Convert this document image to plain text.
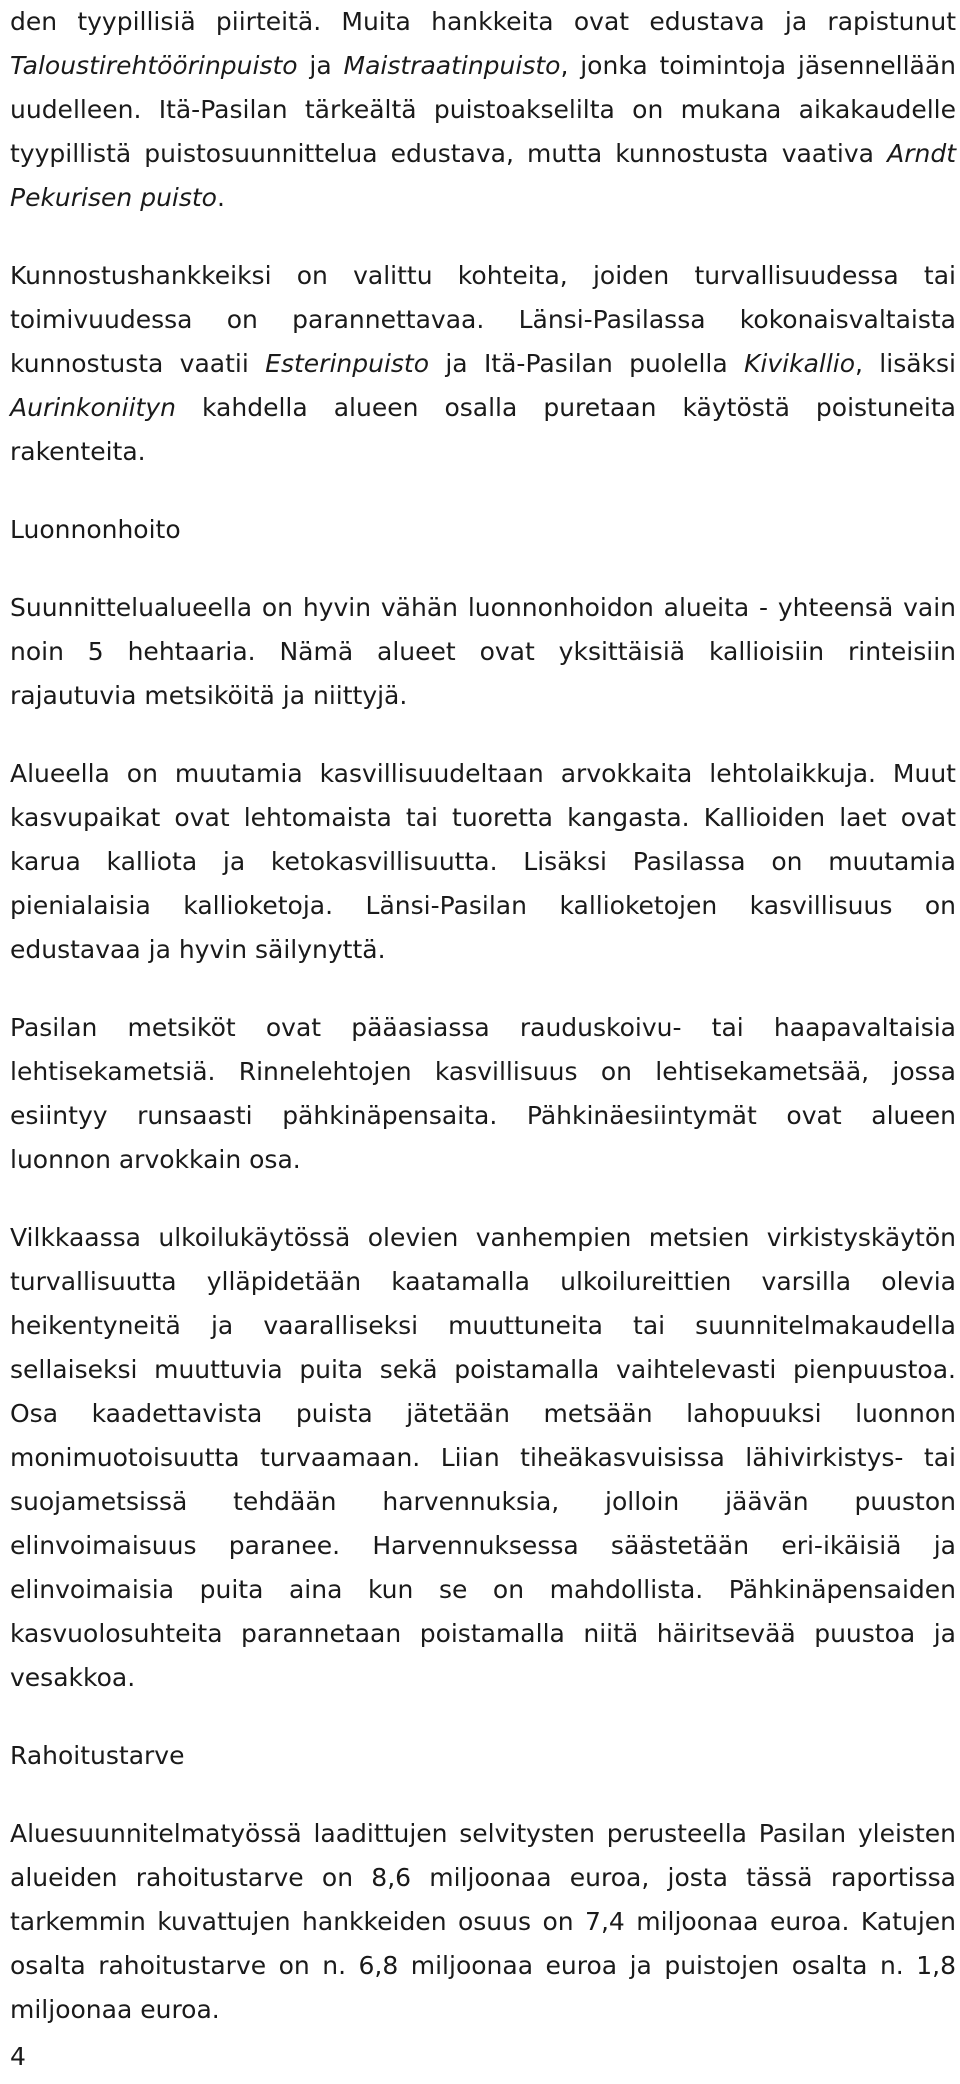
den tyypillisiä piirteitä. Muita hankkeita ovat edustava ja rapistunut Taloustirehtöörinpuisto ja Maistraatinpuisto, jonka toimintoja jäsennellään uudelleen. Itä-Pasilan tärkeältä puistoakselilta on mukana aikakaudelle tyypillistä puistosuunnittelua edustava, mutta kunnostusta vaativa Arndt Pekurisen puisto.

Kunnostushankkeiksi on valittu kohteita, joiden turvallisuudessa tai toimivuudessa on parannettavaa. Länsi-Pasilassa kokonaisvaltaista kunnostusta vaatii Esterinpuisto ja Itä-Pasilan puolella Kivikallio, lisäksi Aurinkoniityn kahdella alueen osalla puretaan käytöstä poistuneita rakenteita.

Luonnonhoito

Suunnittelualueella on hyvin vähän luonnonhoidon alueita - yhteensä vain noin 5 hehtaaria. Nämä alueet ovat yksittäisiä kallioisiin rinteisiin rajautuvia metsiköitä ja niittyjä.

Alueella on muutamia kasvillisuudeltaan arvokkaita lehtolaikkuja. Muut kasvupaikat ovat lehtomaista tai tuoretta kangasta. Kallioiden laet ovat karua kalliota ja ketokasvillisuutta. Lisäksi Pasilassa on muutamia pienialaisia kallioketoja. Länsi-Pasilan kallioketojen kasvillisuus on edustavaa ja hyvin säilynyttä.

Pasilan metsiköt ovat pääasiassa rauduskoivu- tai haapavaltaisia lehtisekametsiä. Rinnelehtojen kasvillisuus on lehtisekametsää, jossa esiintyy runsaasti pähkinäpensaita. Pähkinäesiintymät ovat alueen luonnon arvokkain osa.

Vilkkaassa ulkoilukäytössä olevien vanhempien metsien virkistyskäytön turvallisuutta ylläpidetään kaatamalla ulkoilureittien varsilla olevia heikentyneitä ja vaaralliseksi muuttuneita tai suunnitelmakaudella sellaiseksi muuttuvia puita sekä poistamalla vaihtelevasti pienpuustoa. Osa kaadettavista puista jätetään metsään lahopuuksi luonnon monimuotoisuutta turvaamaan. Liian tiheäkasvuisissa lähivirkistys- tai suojametsissä tehdään harvennuksia, jolloin jäävän puuston elinvoimaisuus paranee. Harvennuksessa säästetään eri-ikäisiä ja elinvoimaisia puita aina kun se on mahdollista. Pähkinäpensaiden kasvuolosuhteita parannetaan poistamalla niitä häiritsevää puustoa ja vesakkoa.

Rahoitustarve

Aluesuunnitelmatyössä laadittujen selvitysten perusteella Pasilan yleisten alueiden rahoitustarve on 8,6 miljoonaa euroa, josta tässä raportissa tarkemmin kuvattujen hankkeiden osuus on 7,4 miljoonaa euroa. Katujen osalta rahoitustarve on n. 6,8 miljoonaa euroa ja puistojen osalta n. 1,8 miljoonaa euroa.

4
